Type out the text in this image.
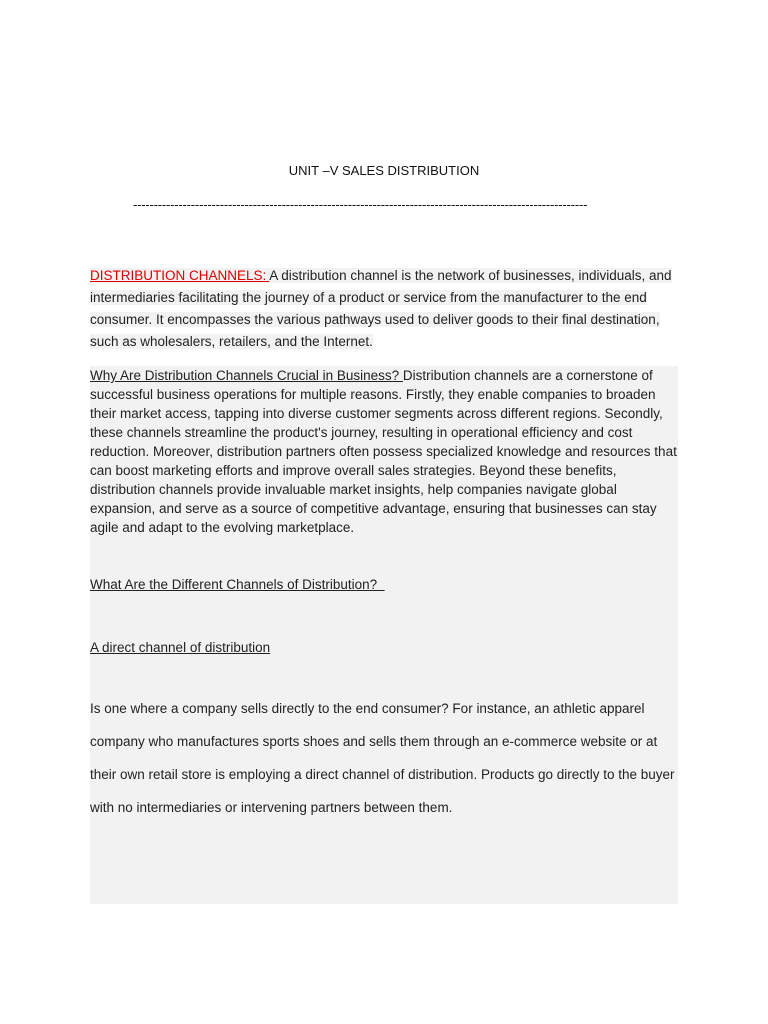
UNIT –V SALES DISTRIBUTION
--------------------------------------------------------------------------------------------------------------
DISTRIBUTION CHANNELS: A distribution channel is the network of businesses, individuals, and intermediaries facilitating the journey of a product or service from the manufacturer to the end consumer. It encompasses the various pathways used to deliver goods to their final destination, such as wholesalers, retailers, and the Internet.
Why Are Distribution Channels Crucial in Business? Distribution channels are a cornerstone of successful business operations for multiple reasons. Firstly, they enable companies to broaden their market access, tapping into diverse customer segments across different regions. Secondly, these channels streamline the product's journey, resulting in operational efficiency and cost reduction. Moreover, distribution partners often possess specialized knowledge and resources that can boost marketing efforts and improve overall sales strategies. Beyond these benefits, distribution channels provide invaluable market insights, help companies navigate global expansion, and serve as a source of competitive advantage, ensuring that businesses can stay agile and adapt to the evolving marketplace.
What Are the Different Channels of Distribution?
A direct channel of distribution
Is one where a company sells directly to the end consumer? For instance, an athletic apparel company who manufactures sports shoes and sells them through an e-commerce website or at their own retail store is employing a direct channel of distribution. Products go directly to the buyer with no intermediaries or intervening partners between them.
